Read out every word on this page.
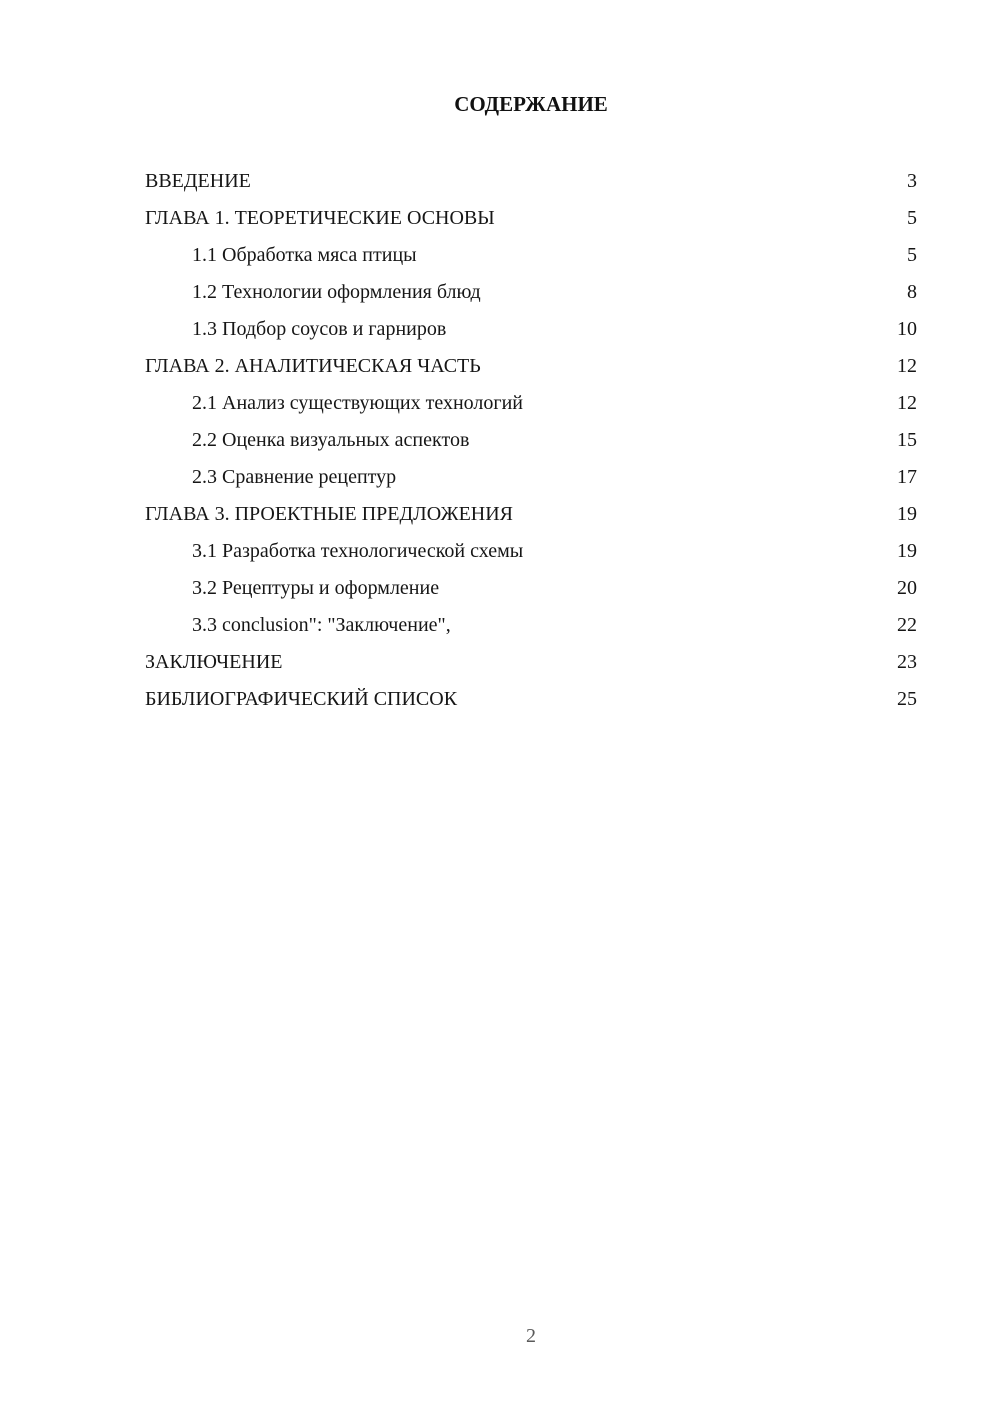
СОДЕРЖАНИЕ
ВВЕДЕНИЕ	3
ГЛАВА 1. ТЕОРЕТИЧЕСКИЕ ОСНОВЫ	5
1.1 Обработка мяса птицы	5
1.2 Технологии оформления блюд	8
1.3 Подбор соусов и гарниров	10
ГЛАВА 2. АНАЛИТИЧЕСКАЯ ЧАСТЬ	12
2.1 Анализ существующих технологий	12
2.2 Оценка визуальных аспектов	15
2.3 Сравнение рецептур	17
ГЛАВА 3. ПРОЕКТНЫЕ ПРЕДЛОЖЕНИЯ	19
3.1 Разработка технологической схемы	19
3.2 Рецептуры и оформление	20
3.3 conclusion": "Заключение",	22
ЗАКЛЮЧЕНИЕ	23
БИБЛИОГРАФИЧЕСКИЙ СПИСОК	25
2
